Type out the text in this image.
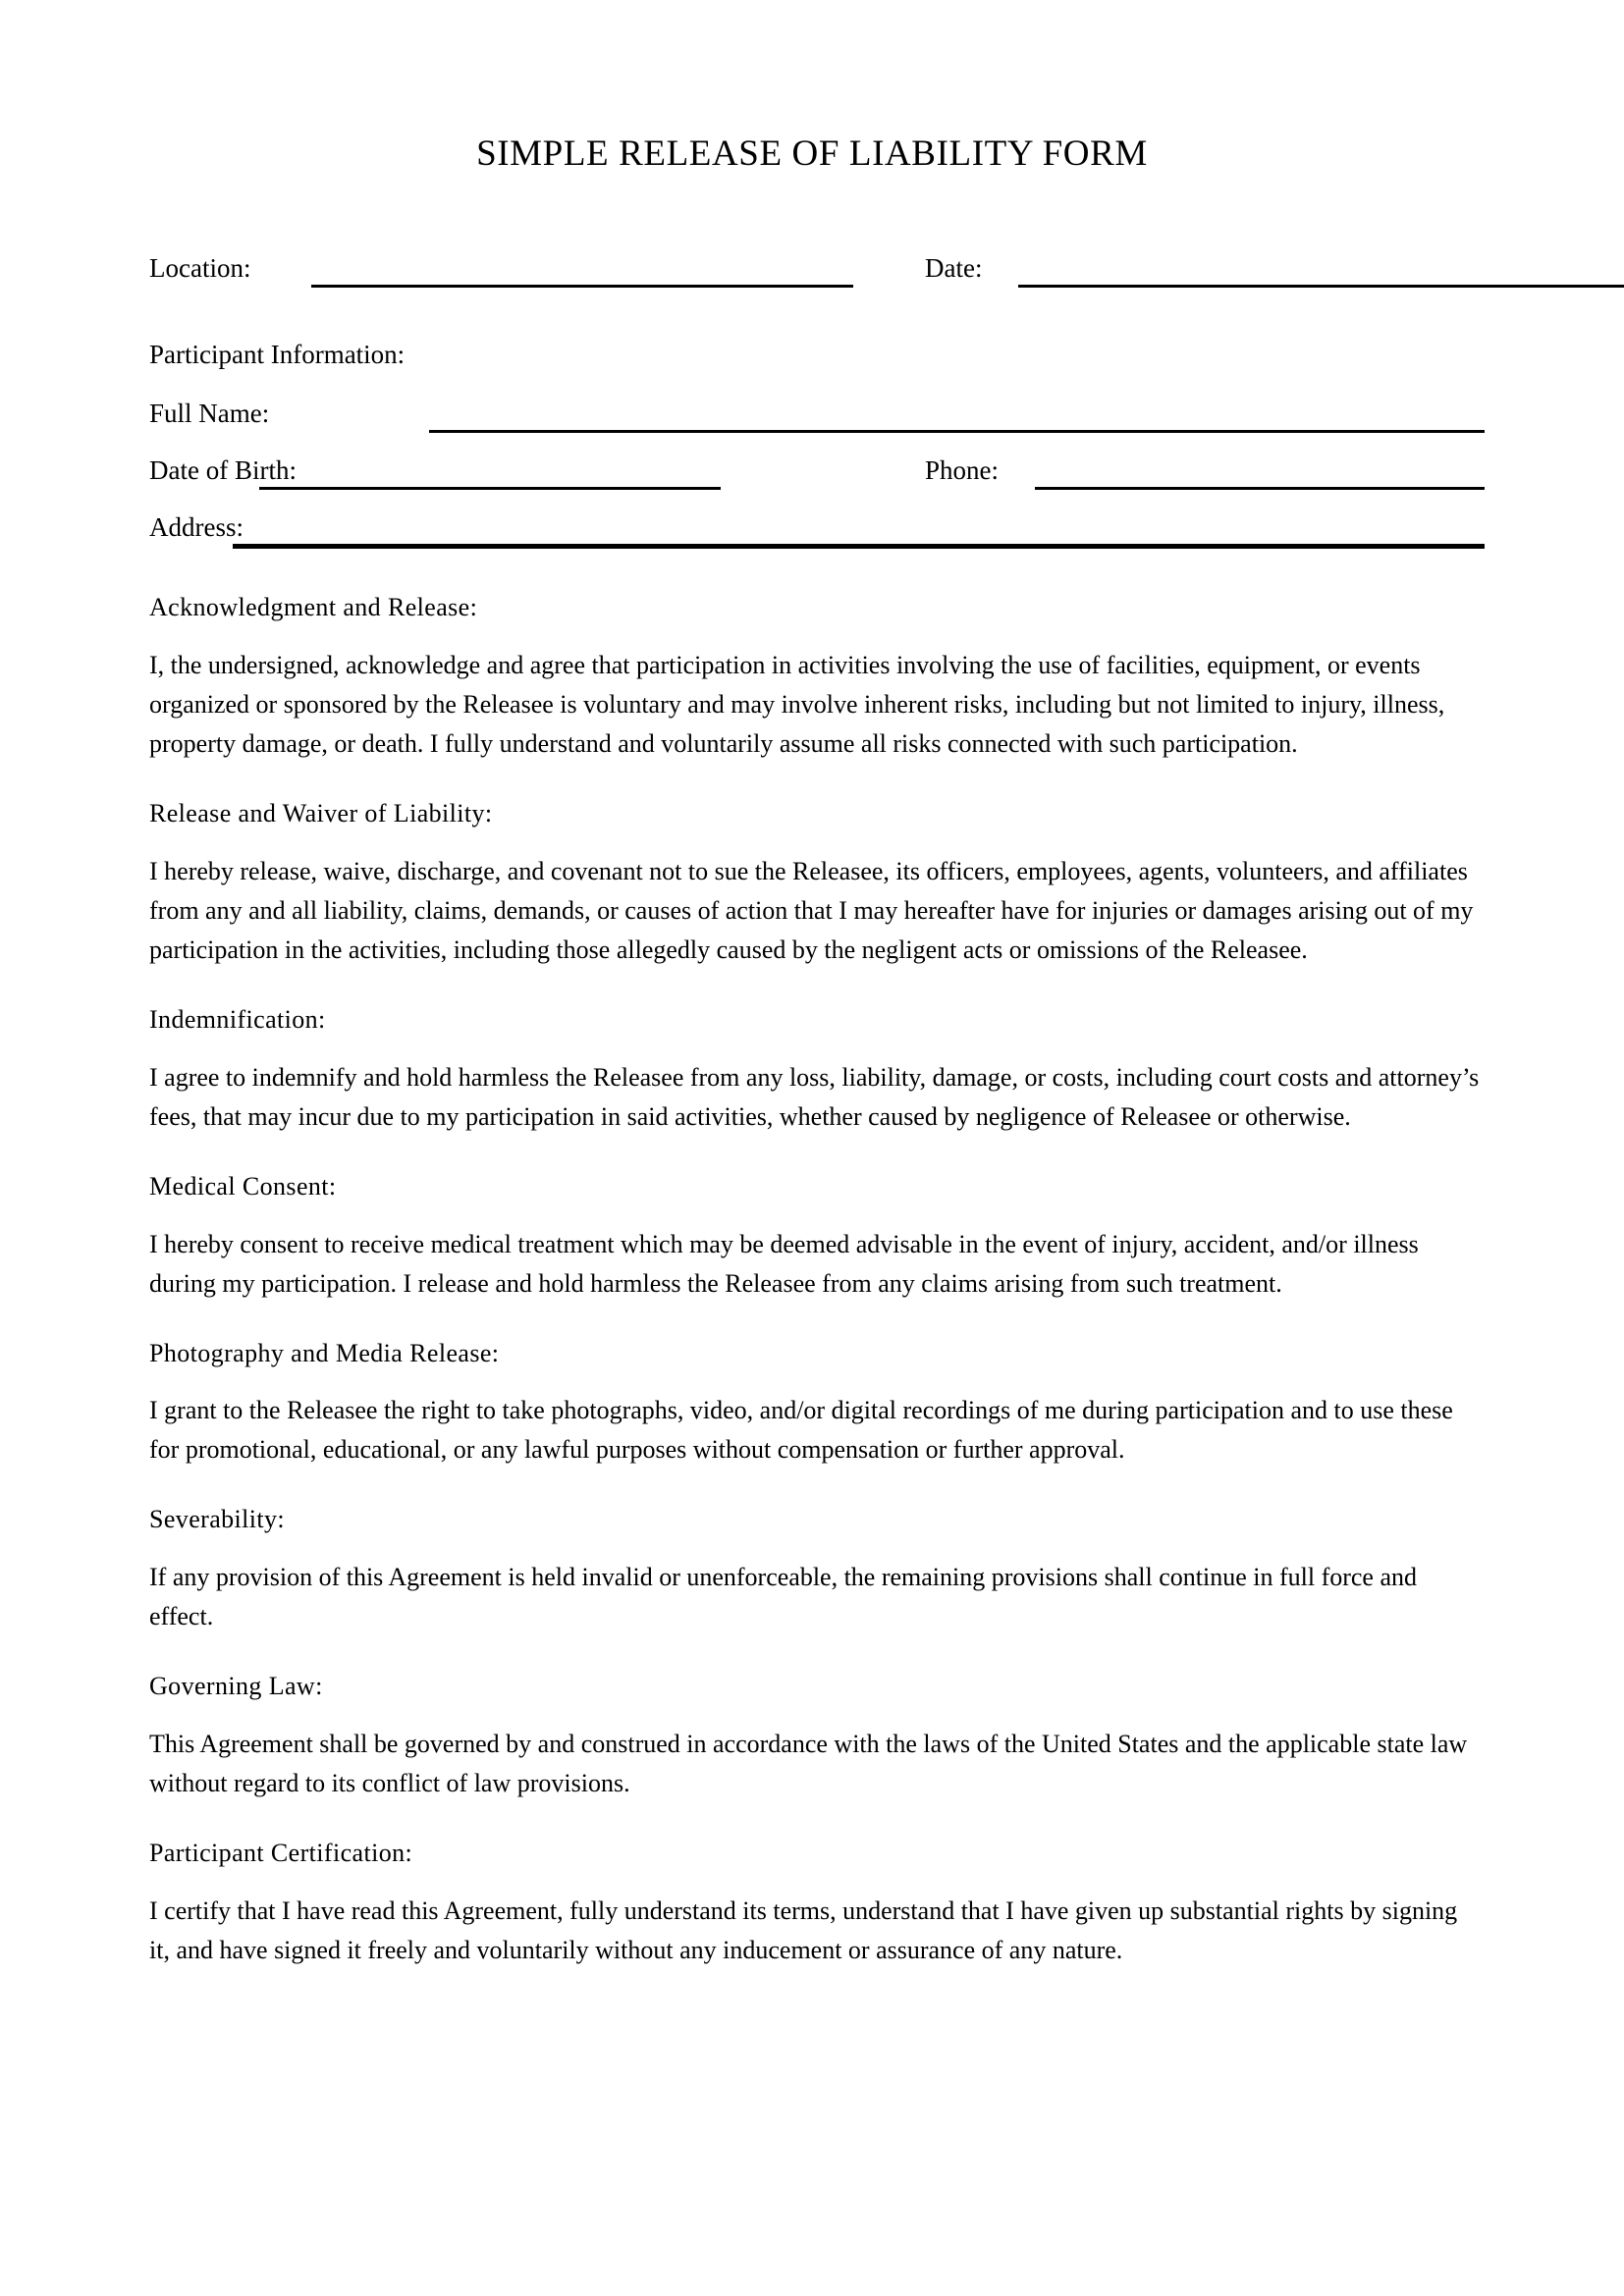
SIMPLE RELEASE OF LIABILITY FORM
Location:	Date:
Participant Information:
Full Name:
Date of Birth:	Phone:
Address:
Acknowledgment and Release:

I, the undersigned, acknowledge and agree that participation in activities involving the use of facilities, equipment, or events organized or sponsored by the Releasee is voluntary and may involve inherent risks, including but not limited to injury, illness, property damage, or death. I fully understand and voluntarily assume all risks connected with such participation.

Release and Waiver of Liability:

I hereby release, waive, discharge, and covenant not to sue the Releasee, its officers, employees, agents, volunteers, and affiliates from any and all liability, claims, demands, or causes of action that I may hereafter have for injuries or damages arising out of my participation in the activities, including those allegedly caused by the negligent acts or omissions of the Releasee.

Indemnification:

I agree to indemnify and hold harmless the Releasee from any loss, liability, damage, or costs, including court costs and attorney’s fees, that may incur due to my participation in said activities, whether caused by negligence of Releasee or otherwise.

Medical Consent:

I hereby consent to receive medical treatment which may be deemed advisable in the event of injury, accident, and/or illness during my participation. I release and hold harmless the Releasee from any claims arising from such treatment.

Photography and Media Release:

I grant to the Releasee the right to take photographs, video, and/or digital recordings of me during participation and to use these for promotional, educational, or any lawful purposes without compensation or further approval.

Severability:

If any provision of this Agreement is held invalid or unenforceable, the remaining provisions shall continue in full force and effect.

Governing Law:

This Agreement shall be governed by and construed in accordance with the laws of the United States and the applicable state law without regard to its conflict of law provisions.

Participant Certification:

I certify that I have read this Agreement, fully understand its terms, understand that I have given up substantial rights by signing it, and have signed it freely and voluntarily without any inducement or assurance of any nature.
